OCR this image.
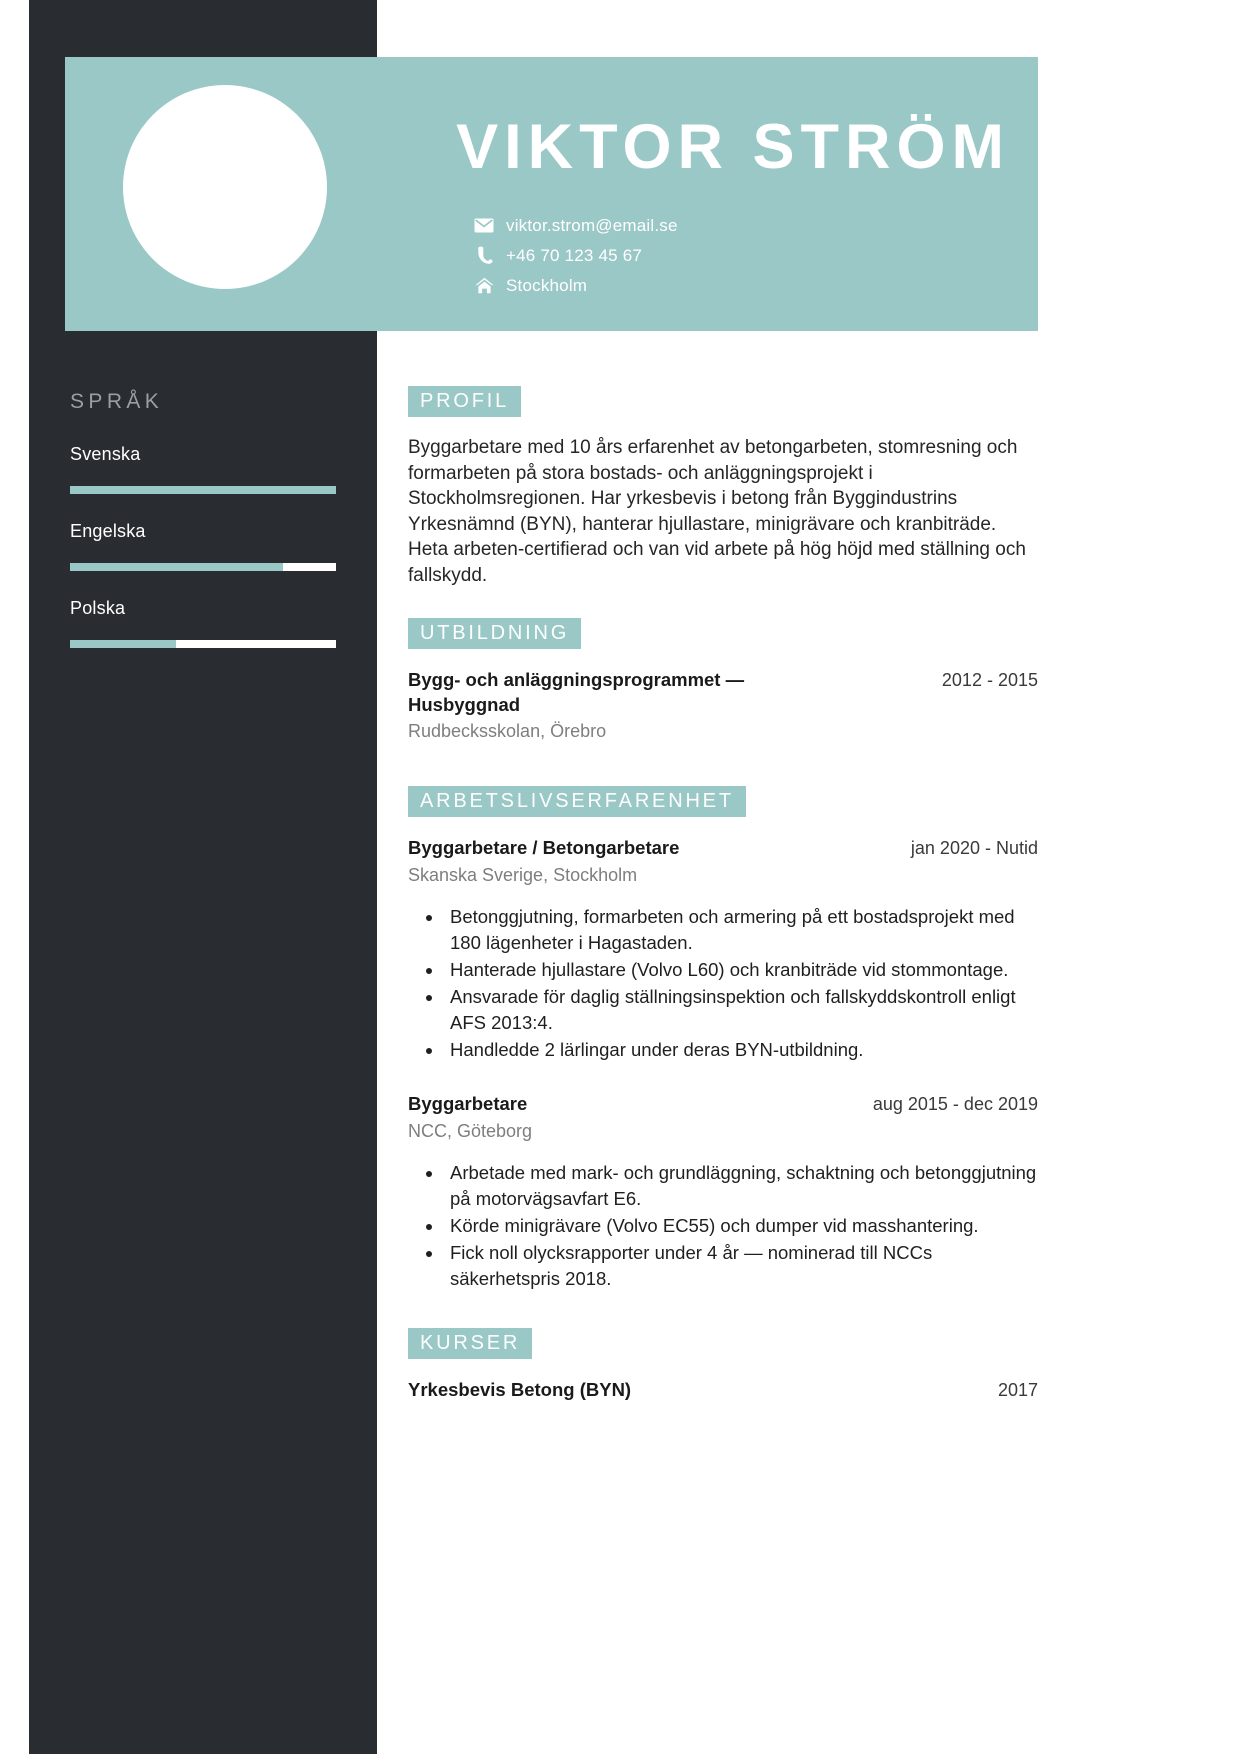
VIKTOR STRÖM
viktor.strom@email.se
+46 70 123 45 67
Stockholm
SPRÅK
Svenska
Engelska
Polska
PROFIL
Byggarbetare med 10 års erfarenhet av betongarbeten, stomresning och formarbeten på stora bostads- och anläggningsprojekt i Stockholmsregionen. Har yrkesbevis i betong från Byggindustrins Yrkesnämnd (BYN), hanterar hjullastare, minigrävare och kranbiträde. Heta arbeten-certifierad och van vid arbete på hög höjd med ställning och fallskydd.
UTBILDNING
Bygg- och anläggningsprogrammet — Husbyggnad
2012 - 2015
Rudbecksskolan, Örebro
ARBETSLIVSERFARENHET
Byggarbetare / Betongarbetare	jan 2020 - Nutid
Skanska Sverige, Stockholm
• Betonggjutning, formarbeten och armering på ett bostadsprojekt med 180 lägenheter i Hagastaden.
• Hanterade hjullastare (Volvo L60) och kranbiträde vid stommontage.
• Ansvarade för daglig ställningsinspektion och fallskyddskontroll enligt AFS 2013:4.
• Handledde 2 lärlingar under deras BYN-utbildning.
Byggarbetare	aug 2015 - dec 2019
NCC, Göteborg
• Arbetade med mark- och grundläggning, schaktning och betonggjutning på motorvägsavfart E6.
• Körde minigrävare (Volvo EC55) och dumper vid masshantering.
• Fick noll olycksrapporter under 4 år — nominerad till NCCs säkerhetspris 2018.
KURSER
Yrkesbevis Betong (BYN)	2017
